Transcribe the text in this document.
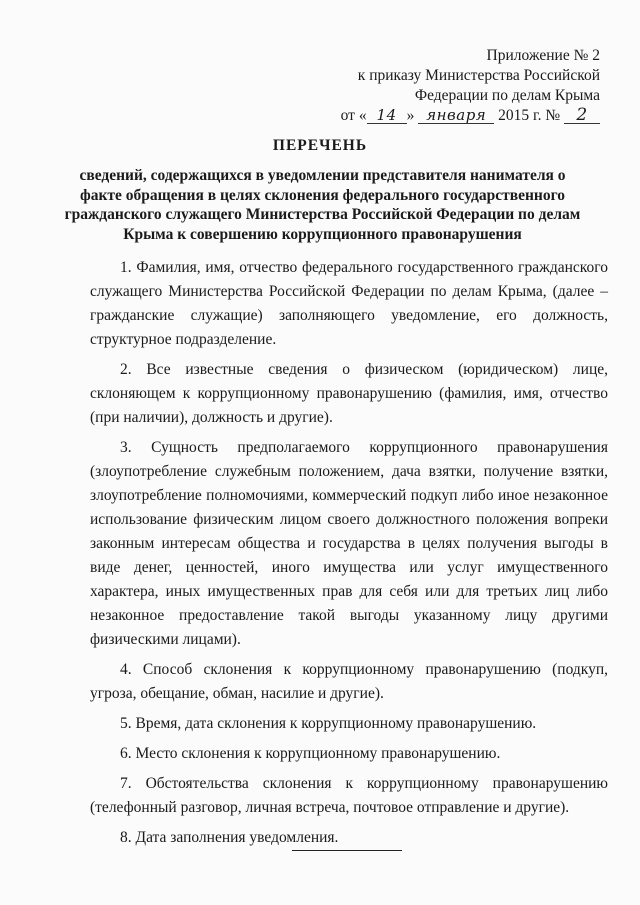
Приложение № 2
к приказу Министерства Российской
Федерации по делам Крыма
от « 14 » января 2015 г. № 2
ПЕРЕЧЕНЬ
сведений, содержащихся в уведомлении представителя нанимателя о факте обращения в целях склонения федерального государственного гражданского служащего Министерства Российской Федерации по делам Крыма к совершению коррупционного правонарушения

1. Фамилия, имя, отчество федерального государственного гражданского служащего Министерства Российской Федерации по делам Крыма, (далее – гражданские служащие) заполняющего уведомление, его должность, структурное подразделение.

2. Все известные сведения о физическом (юридическом) лице, склоняющем к коррупционному правонарушению (фамилия, имя, отчество (при наличии), должность и другие).

3. Сущность предполагаемого коррупционного правонарушения (злоупотребление служебным положением, дача взятки, получение взятки, злоупотребление полномочиями, коммерческий подкуп либо иное незаконное использование физическим лицом своего должностного положения вопреки законным интересам общества и государства в целях получения выгоды в виде денег, ценностей, иного имущества или услуг имущественного характера, иных имущественных прав для себя или для третьих лиц либо незаконное предоставление такой выгоды указанному лицу другими физическими лицами).

4. Способ склонения к коррупционному правонарушению (подкуп, угроза, обещание, обман, насилие и другие).

5. Время, дата склонения к коррупционному правонарушению.

6. Место склонения к коррупционному правонарушению.

7. Обстоятельства склонения к коррупционному правонарушению (телефонный разговор, личная встреча, почтовое отправление и другие).

8. Дата заполнения уведомления.
